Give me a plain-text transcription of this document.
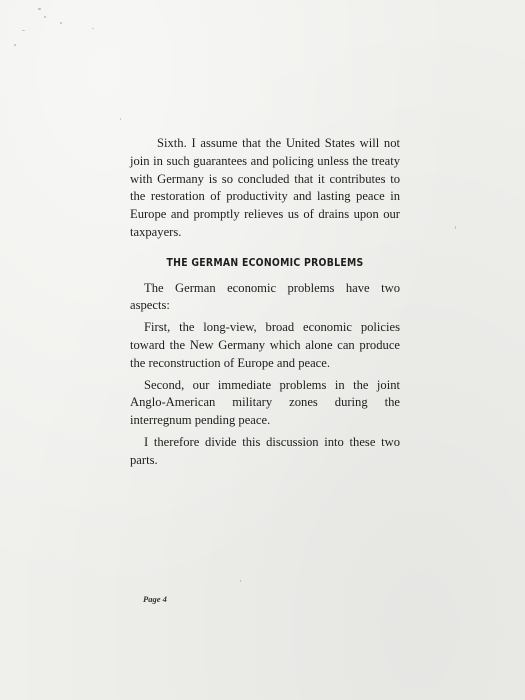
Sixth. I assume that the United States will not join in such guarantees and policing unless the treaty with Germany is so concluded that it contributes to the restoration of productivity and lasting peace in Europe and promptly relieves us of drains upon our taxpayers.

THE GERMAN ECONOMIC PROBLEMS

The German economic problems have two aspects:

First, the long-view, broad economic policies toward the New Germany which alone can produce the reconstruction of Europe and peace.

Second, our immediate problems in the joint Anglo-American military zones during the interregnum pending peace.

I therefore divide this discussion into these two parts.

Page 4
